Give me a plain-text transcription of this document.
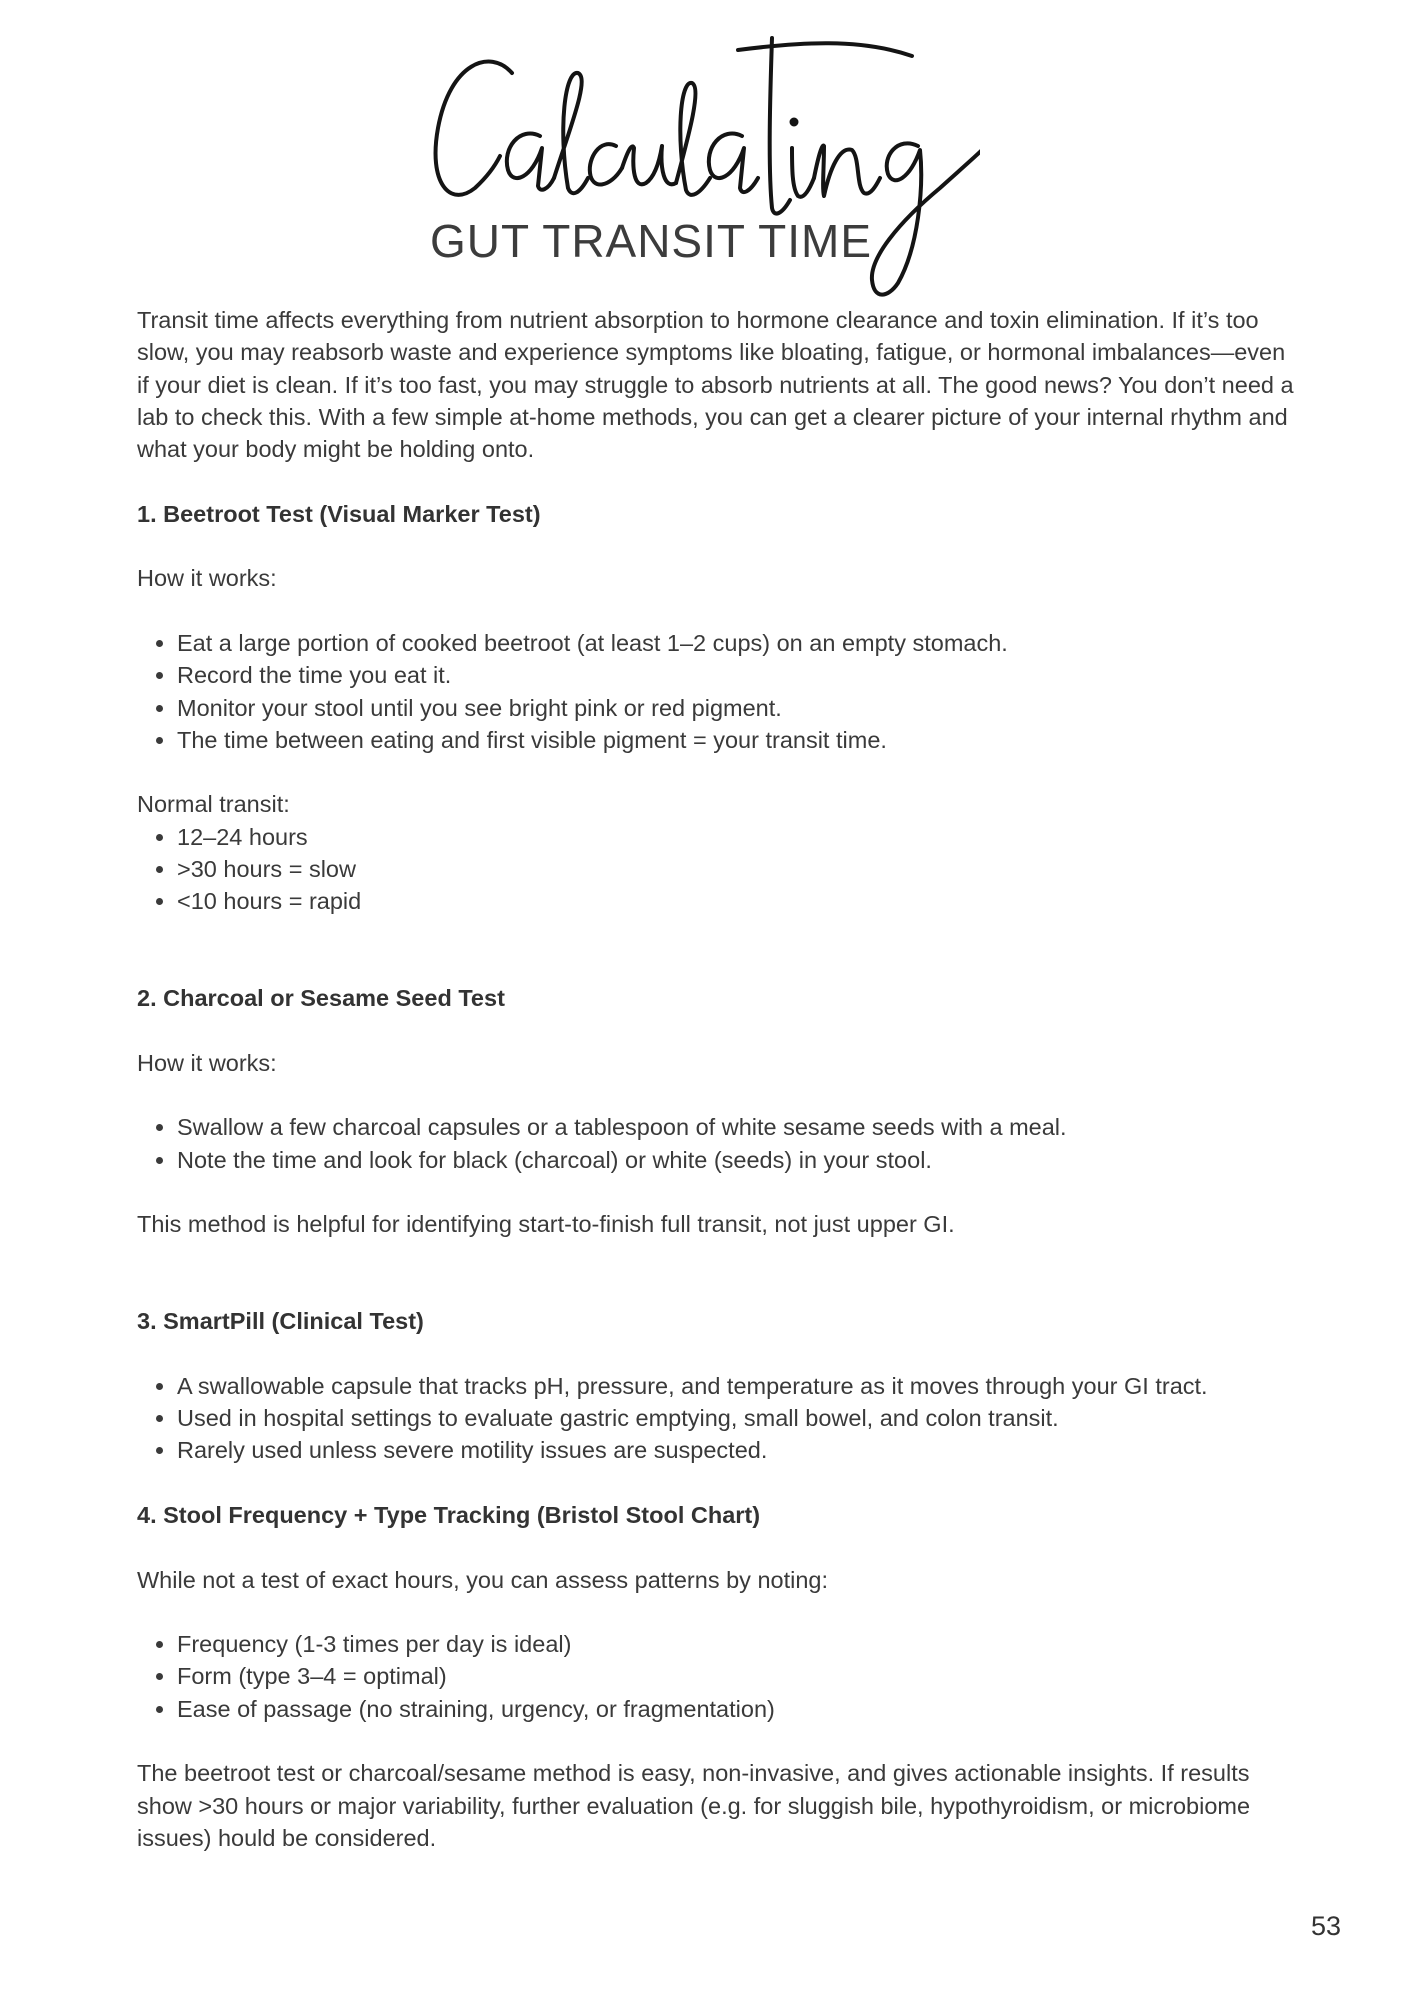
GUT TRANSIT TIME

Transit time affects everything from nutrient absorption to hormone clearance and toxin elimination. If it’s too slow, you may reabsorb waste and experience symptoms like bloating, fatigue, or hormonal imbalances—even if your diet is clean. If it’s too fast, you may struggle to absorb nutrients at all. The good news? You don’t need a lab to check this. With a few simple at-home methods, you can get a clearer picture of your internal rhythm and what your body might be holding onto.

1. Beetroot Test (Visual Marker Test)

How it works:

• Eat a large portion of cooked beetroot (at least 1–2 cups) on an empty stomach.
• Record the time you eat it.
• Monitor your stool until you see bright pink or red pigment.
• The time between eating and first visible pigment = your transit time.

Normal transit:

• 12–24 hours
• >30 hours = slow
• <10 hours = rapid
2. Charcoal or Sesame Seed Test

How it works:

• Swallow a few charcoal capsules or a tablespoon of white sesame seeds with a meal.
• Note the time and look for black (charcoal) or white (seeds) in your stool.

This method is helpful for identifying start-to-finish full transit, not just upper GI.

3. SmartPill (Clinical Test)
• A swallowable capsule that tracks pH, pressure, and temperature as it moves through your GI tract.
• Used in hospital settings to evaluate gastric emptying, small bowel, and colon transit.
• Rarely used unless severe motility issues are suspected.
4. Stool Frequency + Type Tracking (Bristol Stool Chart)

While not a test of exact hours, you can assess patterns by noting:

• Frequency (1-3 times per day is ideal)
• Form (type 3–4 = optimal)
• Ease of passage (no straining, urgency, or fragmentation)

The beetroot test or charcoal/sesame method is easy, non-invasive, and gives actionable insights. If results show >30 hours or major variability, further evaluation (e.g. for sluggish bile, hypothyroidism, or microbiome issues) hould be considered.

53
